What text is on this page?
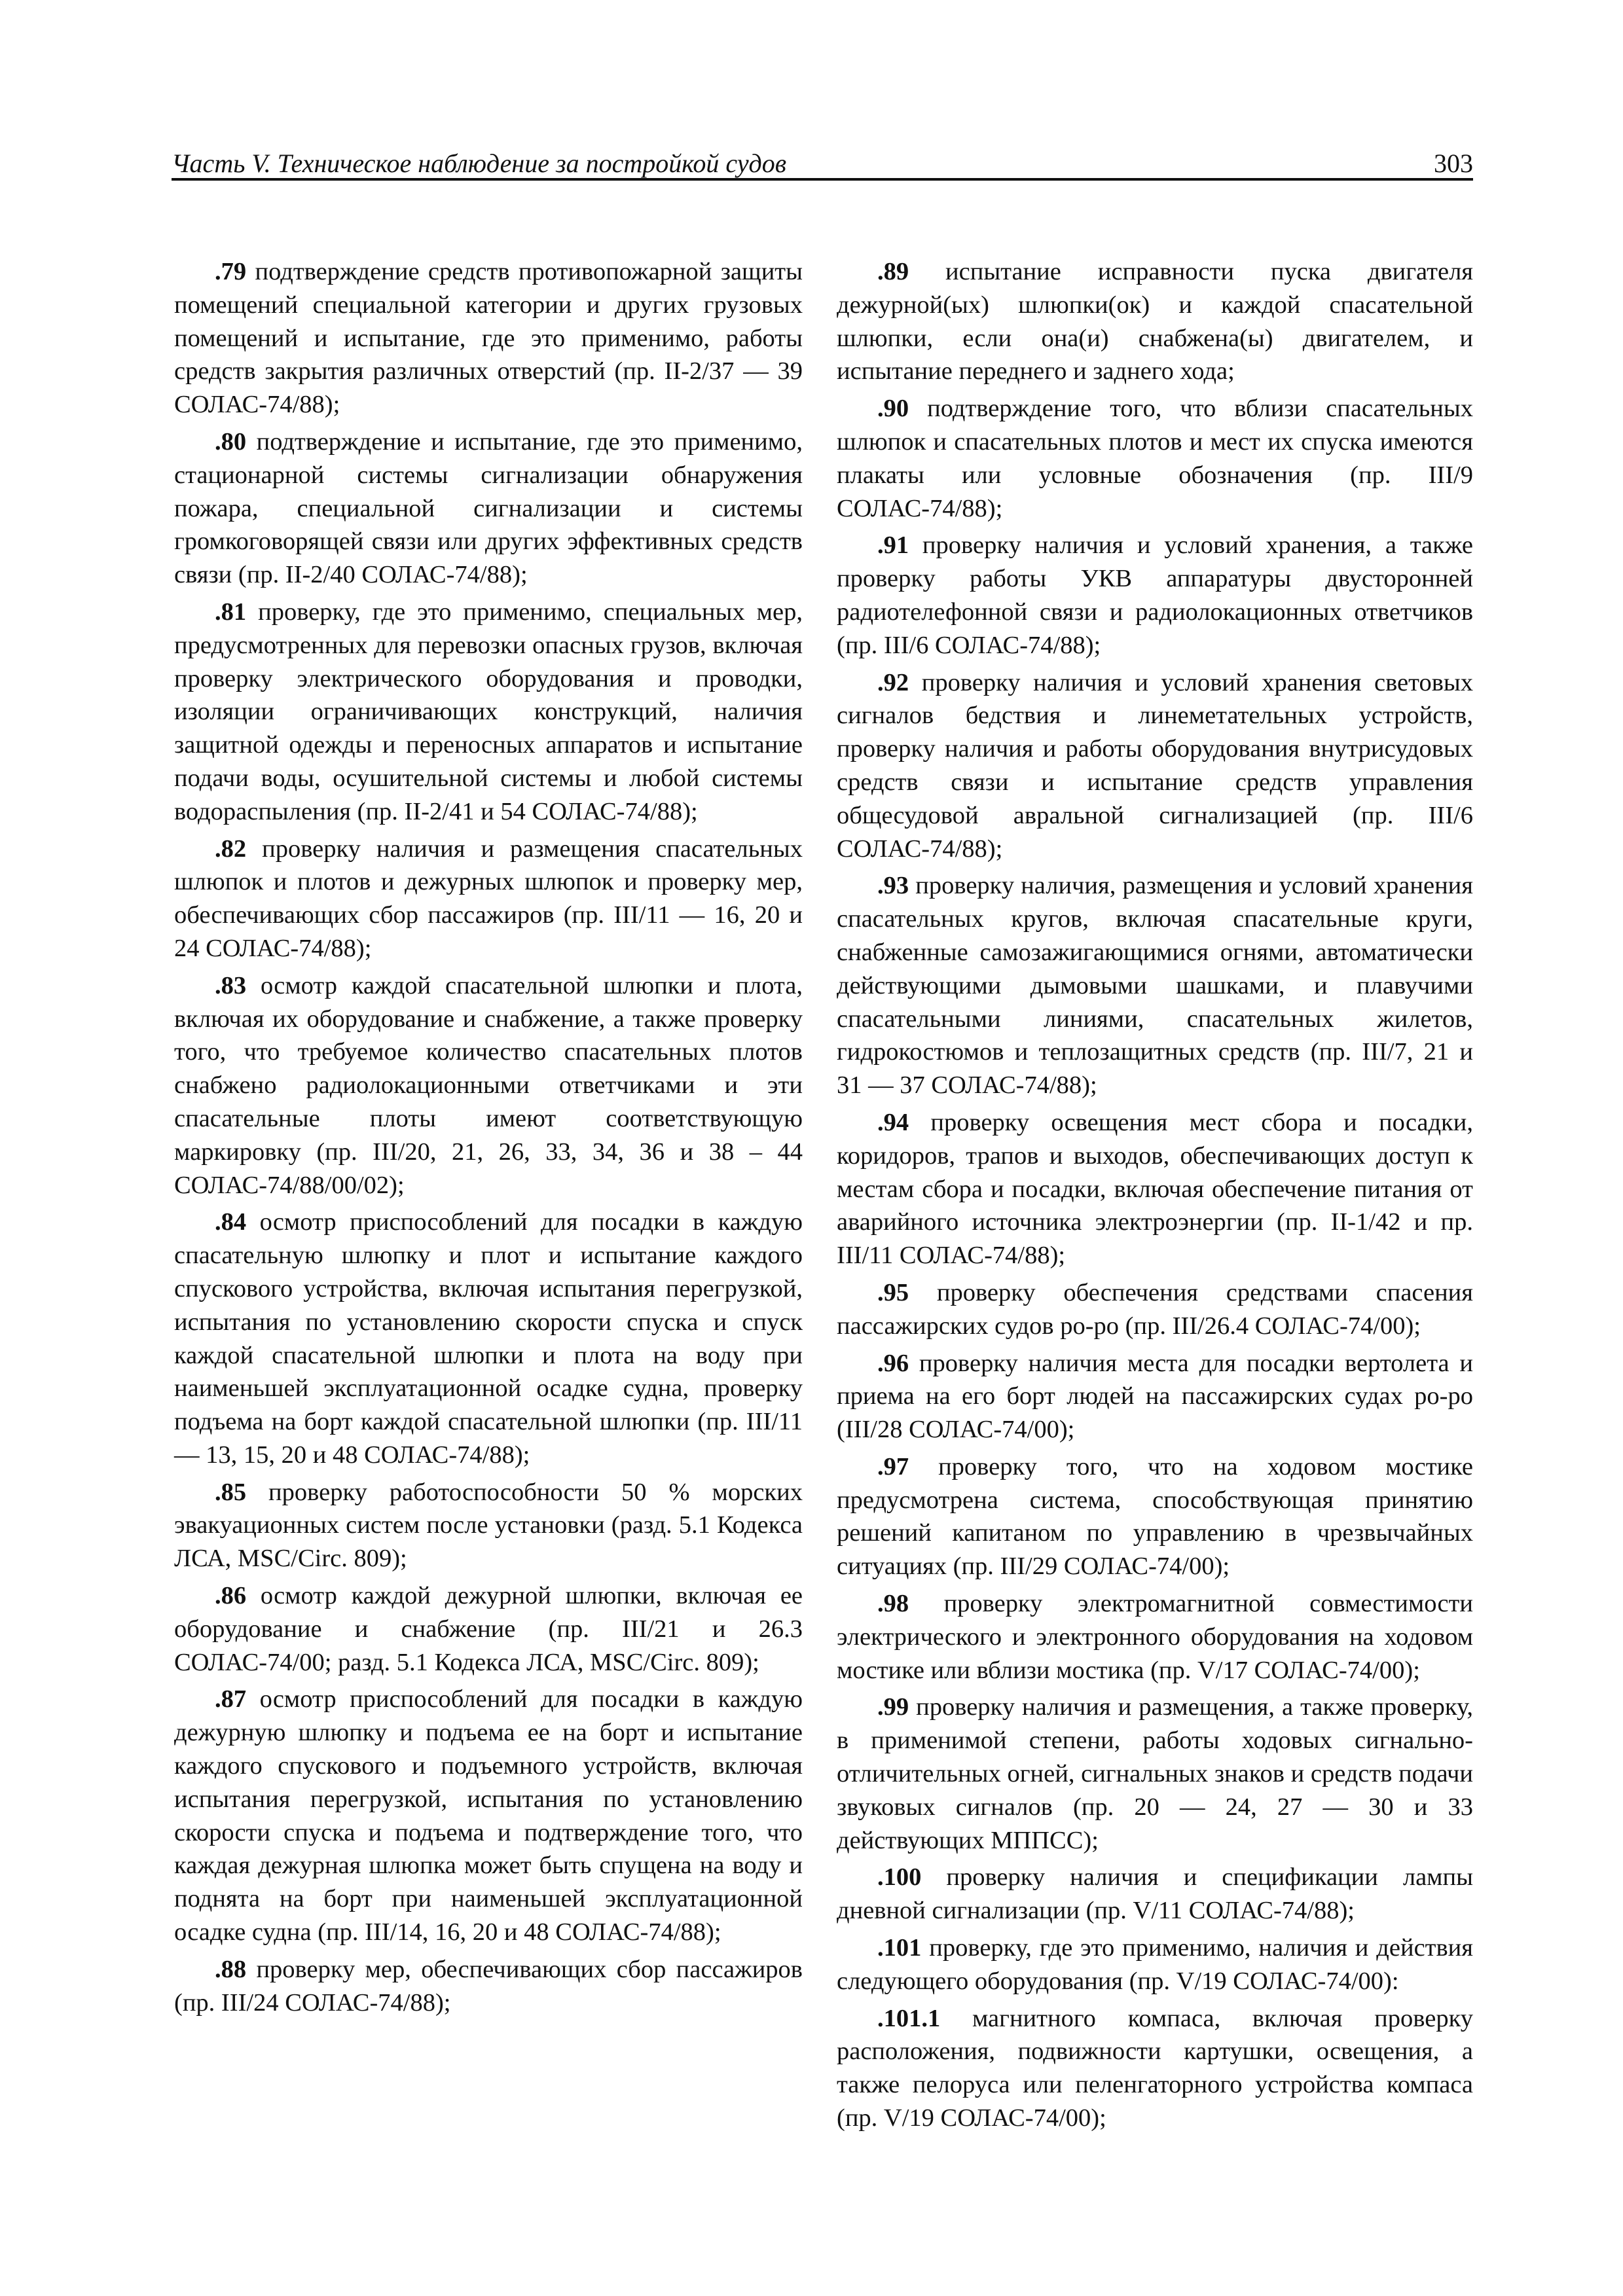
Часть V. Техническое наблюдение за постройкой судов	303

.79 подтверждение средств противопожарной защиты помещений специальной категории и других грузовых помещений и испытание, где это применимо, работы средств закрытия различных отверстий (пр. II-2/37 — 39 СОЛАС-74/88);

.80 подтверждение и испытание, где это применимо, стационарной системы сигнализации обнаружения пожара, специальной сигнализации и системы громкоговорящей связи или других эффективных средств связи (пр. II-2/40 СОЛАС-74/88);

.81 проверку, где это применимо, специальных мер, предусмотренных для перевозки опасных грузов, включая проверку электрического оборудования и проводки, изоляции ограничивающих конструкций, наличия защитной одежды и переносных аппаратов и испытание подачи воды, осушительной системы и любой системы водораспыления (пр. II-2/41 и 54 СОЛАС-74/88);

.82 проверку наличия и размещения спасательных шлюпок и плотов и дежурных шлюпок и проверку мер, обеспечивающих сбор пассажиров (пр. III/11 — 16, 20 и 24 СОЛАС-74/88);

.83 осмотр каждой спасательной шлюпки и плота, включая их оборудование и снабжение, а также проверку того, что требуемое количество спасательных плотов снабжено радиолокационными ответчиками и эти спасательные плоты имеют соответствующую маркировку (пр. III/20, 21, 26, 33, 34, 36 и 38 – 44 СОЛАС-74/88/00/02);

.84 осмотр приспособлений для посадки в каждую спасательную шлюпку и плот и испытание каждого спускового устройства, включая испытания перегрузкой, испытания по установлению скорости спуска и спуск каждой спасательной шлюпки и плота на воду при наименьшей эксплуатационной осадке судна, проверку подъема на борт каждой спасательной шлюпки (пр. III/11 — 13, 15, 20 и 48 СОЛАС-74/88);

.85 проверку работоспособности 50 % морских эвакуационных систем после установки (разд. 5.1 Кодекса ЛСА, MSC/Circ. 809);

.86 осмотр каждой дежурной шлюпки, включая ее оборудование и снабжение (пр. III/21 и 26.3 СОЛАС-74/00; разд. 5.1 Кодекса ЛСА, MSC/Circ. 809);

.87 осмотр приспособлений для посадки в каждую дежурную шлюпку и подъема ее на борт и испытание каждого спускового и подъемного устройств, включая испытания перегрузкой, испытания по установлению скорости спуска и подъема и подтверждение того, что каждая дежурная шлюпка может быть спущена на воду и поднята на борт при наименьшей эксплуатационной осадке судна (пр. III/14, 16, 20 и 48 СОЛАС-74/88);

.88 проверку мер, обеспечивающих сбор пассажиров (пр. III/24 СОЛАС-74/88);

.89 испытание исправности пуска двигателя дежурной(ых) шлюпки(ок) и каждой спасательной шлюпки, если она(и) снабжена(ы) двигателем, и испытание переднего и заднего хода;

.90 подтверждение того, что вблизи спасательных шлюпок и спасательных плотов и мест их спуска имеются плакаты или условные обозначения (пр. III/9 СОЛАС-74/88);

.91 проверку наличия и условий хранения, а также проверку работы УКВ аппаратуры двусторонней радиотелефонной связи и радиолокационных ответчиков (пр. III/6 СОЛАС-74/88);

.92 проверку наличия и условий хранения световых сигналов бедствия и линеметательных устройств, проверку наличия и работы оборудования внутрисудовых средств связи и испытание средств управления общесудовой авральной сигнализацией (пр. III/6 СОЛАС-74/88);

.93 проверку наличия, размещения и условий хранения спасательных кругов, включая спасательные круги, снабженные самозажигающимися огнями, автоматически действующими дымовыми шашками, и плавучими спасательными линиями, спасательных жилетов, гидрокостюмов и теплозащитных средств (пр. III/7, 21 и 31 — 37 СОЛАС-74/88);

.94 проверку освещения мест сбора и посадки, коридоров, трапов и выходов, обеспечивающих доступ к местам сбора и посадки, включая обеспечение питания от аварийного источника электроэнергии (пр. II-1/42 и пр. III/11 СОЛАС-74/88);

.95 проверку обеспечения средствами спасения пассажирских судов ро-ро (пр. III/26.4 СОЛАС-74/00);

.96 проверку наличия места для посадки вертолета и приема на его борт людей на пассажирских судах ро-ро (III/28 СОЛАС-74/00);

.97 проверку того, что на ходовом мостике предусмотрена система, способствующая принятию решений капитаном по управлению в чрезвычайных ситуациях (пр. III/29 СОЛАС-74/00);

.98 проверку электромагнитной совместимости электрического и электронного оборудования на ходовом мостике или вблизи мостика (пр. V/17 СОЛАС-74/00);

.99 проверку наличия и размещения, а также проверку, в применимой степени, работы ходовых сигнально-отличительных огней, сигнальных знаков и средств подачи звуковых сигналов (пр. 20 — 24, 27 — 30 и 33 действующих МППСС);

.100 проверку наличия и спецификации лампы дневной сигнализации (пр. V/11 СОЛАС-74/88);

.101 проверку, где это применимо, наличия и действия следующего оборудования (пр. V/19 СОЛАС-74/00):

.101.1 магнитного компаса, включая проверку расположения, подвижности картушки, освещения, а также пелоруса или пеленгаторного устройства компаса (пр. V/19 СОЛАС-74/00);
